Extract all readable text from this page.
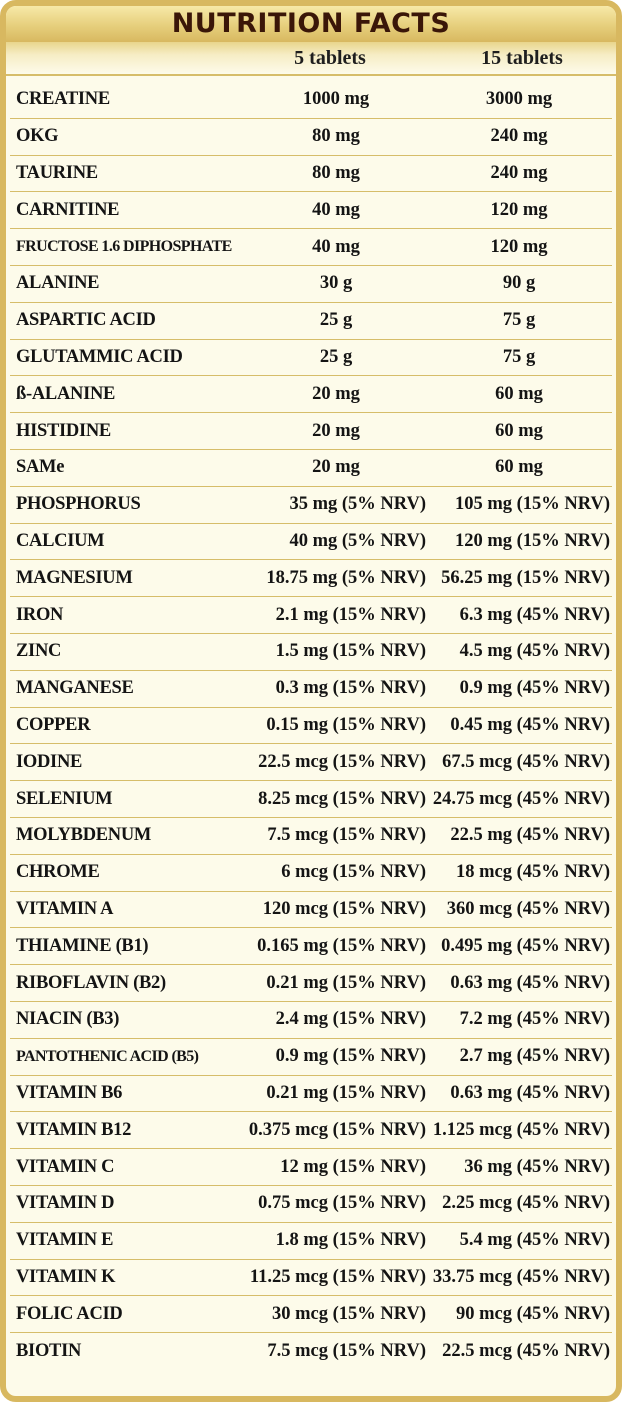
NUTRITION FACTS
5 tablets	15 tablets
CREATINE	1000 mg	3000 mg
OKG	80 mg	240 mg
TAURINE	80 mg	240 mg
CARNITINE	40 mg	120 mg
FRUCTOSE 1.6 DIPHOSPHATE	40 mg	120 mg
ALANINE	30 g	90 g
ASPARTIC ACID	25 g	75 g
GLUTAMMIC ACID	25 g	75 g
ß-ALANINE	20 mg	60 mg
HISTIDINE	20 mg	60 mg
SAMe	20 mg	60 mg
PHOSPHORUS	35 mg (5% NRV)	105 mg (15% NRV)
CALCIUM	40 mg (5% NRV)	120 mg (15% NRV)
MAGNESIUM	18.75 mg (5% NRV) 56.25 mg (15% NRV)
IRON	2.1 mg (15% NRV)	6.3 mg (45% NRV)
ZINC	1.5 mg (15% NRV)	4.5 mg (45% NRV)
MANGANESE	0.3 mg (15% NRV)	0.9 mg (45% NRV)
COPPER	0.15 mg (15% NRV)	0.45 mg (45% NRV)
IODINE	22.5 mcg (15% NRV) 67.5 mcg (45% NRV)
SELENIUM	8.25 mcg (15% NRV) 24.75 mcg (45% NRV)
MOLYBDENUM	7.5 mcg (15% NRV)	22.5 mg (45% NRV)
CHROME	6 mcg (15% NRV)	18 mcg (45% NRV)
VITAMIN A	120 mcg (15% NRV)	360 mcg (45% NRV)
THIAMINE (B1)	0.165 mg (15% NRV) 0.495 mg (45% NRV)
RIBOFLAVIN (B2)	0.21 mg (15% NRV)	0.63 mg (45% NRV)
NIACIN (B3)	2.4 mg (15% NRV)	7.2 mg (45% NRV)
PANTOTHENIC ACID (B5)	0.9 mg (15% NRV)	2.7 mg (45% NRV)
VITAMIN B6	0.21 mg (15% NRV)	0.63 mg (45% NRV)
VITAMIN B12	0.375 mcg (15% NRV) 1.125 mcg (45% NRV)
VITAMIN C	12 mg (15% NRV)	36 mg (45% NRV)
VITAMIN D	0.75 mcg (15% NRV) 2.25 mcg (45% NRV)
VITAMIN E	1.8 mg (15% NRV)	5.4 mg (45% NRV)
VITAMIN K	11.25 mcg (15% NRV) 33.75 mcg (45% NRV)
FOLIC ACID	30 mcg (15% NRV)	90 mcg (45% NRV)
BIOTIN	7.5 mcg (15% NRV) 22.5 mcg (45% NRV)
